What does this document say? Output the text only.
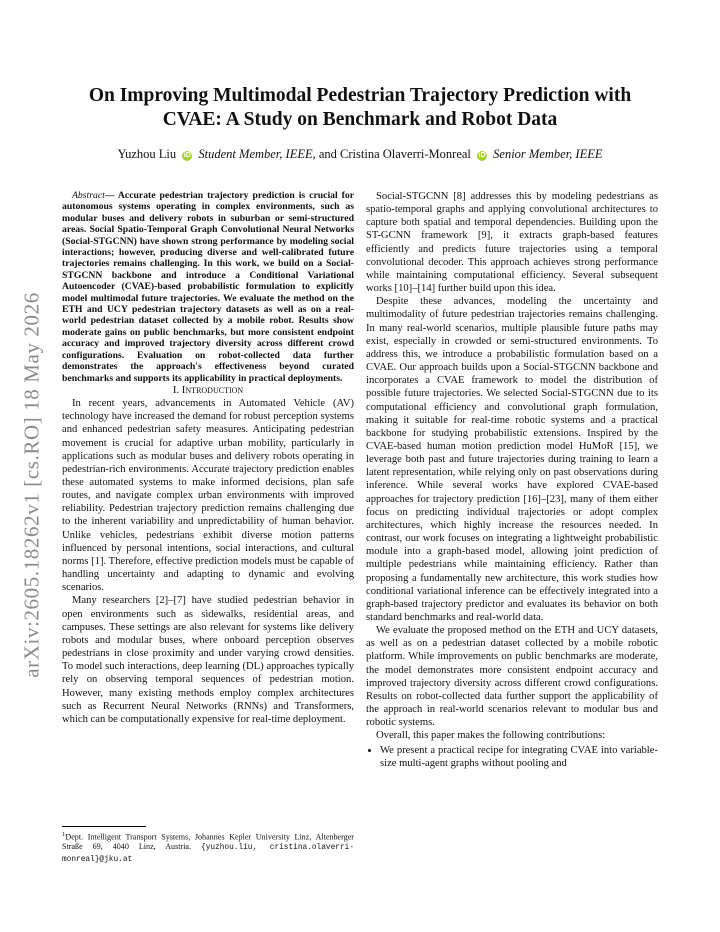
arXiv:2605.18262v1 [cs.RO] 18 May 2026
On Improving Multimodal Pedestrian Trajectory Prediction with
CVAE: A Study on Benchmark and Robot Data
Yuzhou Liu iD Student Member, IEEE, and Cristina Olaverri-Monreal iD Senior Member, IEEE

Abstract— Accurate pedestrian trajectory prediction is crucial for autonomous systems operating in complex environments, such as modular buses and delivery robots in suburban or semi-structured areas. Social Spatio-Temporal Graph Convolutional Neural Networks (Social-STGCNN) have shown strong performance by modeling social interactions; however, producing diverse and well-calibrated future trajectories remains challenging. In this work, we build on a Social-STGCNN backbone and introduce a Conditional Variational Autoencoder (CVAE)-based probabilistic formulation to explicitly model multimodal future trajectories. We evaluate the method on the ETH and UCY pedestrian trajectory datasets as well as on a real-world pedestrian dataset collected by a mobile robot. Results show moderate gains on public benchmarks, but more consistent endpoint accuracy and improved trajectory diversity across different crowd configurations. Evaluation on robot-collected data further demonstrates the approach's effectiveness beyond curated benchmarks and supports its applicability in practical deployments.

I. Introduction

In recent years, advancements in Automated Vehicle (AV) technology have increased the demand for robust perception systems and enhanced pedestrian safety measures. Anticipating pedestrian movement is crucial for adaptive urban mobility, particularly in applications such as modular buses and delivery robots operating in pedestrian-rich environments. Accurate trajectory prediction enables these automated systems to make informed decisions, plan safe routes, and navigate complex urban environments with improved reliability. Pedestrian trajectory prediction remains challenging due to the inherent variability and unpredictability of human behavior. Unlike vehicles, pedestrians exhibit diverse motion patterns influenced by personal intentions, social interactions, and cultural norms [1]. Therefore, effective prediction models must be capable of handling uncertainty and adapting to dynamic and evolving scenarios.

Many researchers [2]–[7] have studied pedestrian behavior in open environments such as sidewalks, residential areas, and campuses. These settings are also relevant for systems like delivery robots and modular buses, where onboard perception observes pedestrians in close proximity and under varying crowd densities. To model such interactions, deep learning (DL) approaches typically rely on observing temporal sequences of pedestrian motion. However, many existing methods employ complex architectures such as Recurrent Neural Networks (RNNs) and Transformers, which can be computationally expensive for real-time deployment.

$^1$Dept. Intelligent Transport Systems, Johannes Kepler University Linz, Altenberger Straße 69, 4040 Linz, Austria. {yuzhou.liu, cristina.olaverri-monreal}@jku.at

Social-STGCNN [8] addresses this by modeling pedestrians as spatio-temporal graphs and applying convolutional architectures to capture both spatial and temporal dependencies. Building upon the ST-GCNN framework [9], it extracts graph-based features efficiently and predicts future trajectories using a temporal convolutional decoder. This approach achieves strong performance while maintaining computational efficiency. Several subsequent works [10]–[14] further build upon this idea.

Despite these advances, modeling the uncertainty and multimodality of future pedestrian trajectories remains challenging. In many real-world scenarios, multiple plausible future paths may exist, especially in crowded or semi-structured environments. To address this, we introduce a probabilistic formulation based on a CVAE. Our approach builds upon a Social-STGCNN backbone and incorporates a CVAE framework to model the distribution of possible future trajectories. We selected Social-STGCNN due to its computational efficiency and convolutional graph formulation, making it suitable for real-time robotic systems and a practical backbone for studying probabilistic extensions. Inspired by the CVAE-based human motion prediction model HuMoR [15], we leverage both past and future trajectories during training to learn a latent representation, while relying only on past observations during inference. While several works have explored CVAE-based approaches for trajectory prediction [16]–[23], many of them either focus on predicting individual trajectories or adopt complex architectures, which highly increase the resources needed. In contrast, our work focuses on integrating a lightweight probabilistic module into a graph-based model, allowing joint prediction of multiple pedestrians while maintaining efficiency. Rather than proposing a fundamentally new architecture, this work studies how conditional variational inference can be effectively integrated into a graph-based trajectory predictor and evaluates its behavior on both standard benchmarks and real-world data.

We evaluate the proposed method on the ETH and UCY datasets, as well as on a pedestrian dataset collected by a mobile robotic platform. While improvements on public benchmarks are moderate, the model demonstrates more consistent endpoint accuracy and improved trajectory diversity across different crowd configurations. Results on robot-collected data further support the applicability of the approach in real-world scenarios relevant to modular bus and robotic systems.

Overall, this paper makes the following contributions:

• We present a practical recipe for integrating CVAE into variable-size multi-agent graphs without pooling and
